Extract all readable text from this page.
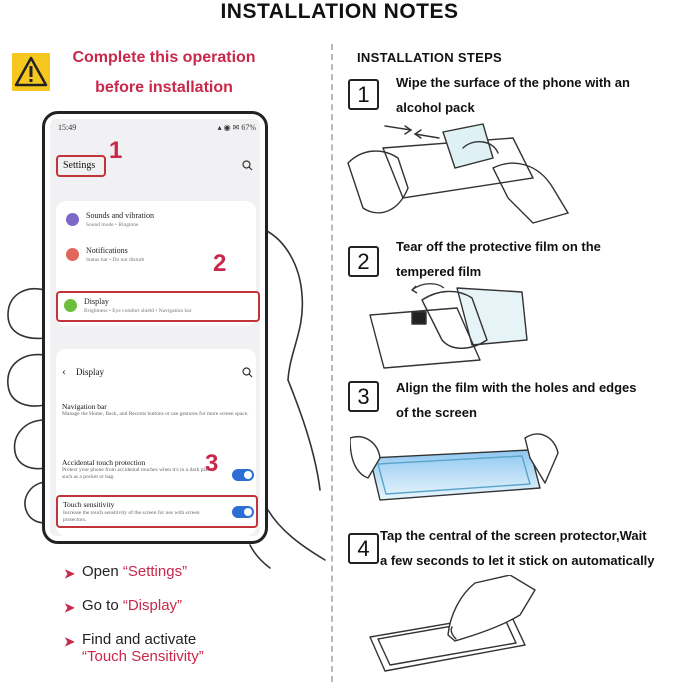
INSTALLATION NOTES
Complete this operation
before installation
15:49	▴ ◉ ✉ 67%
Settings
Sounds and vibration
Sound mode • Ringtone
Notifications
Status bar • Do not disturb
Display
Brightness • Eye comfort shield • Navigation bar
‹ Display
Navigation bar
Manage the Home, Back, and Recents buttons or use gestures for more screen space.
Accidental touch protection
Protect your phone from accidental touches when it's in a dark place, such as a pocket or bag.
Touch sensitivity
Increase the touch sensitivity of the screen for use with screen protectors.
1
2
3
➤ Open “Settings”
➤ Go to “Display”
➤ Find and activate
“Touch Sensitivity”
INSTALLATION STEPS
1	Wipe the surface of the phone with an
alcohol pack
2
Tear off the protective film on the
tempered film
3	Align the film with the holes and edges
of the screen
4
Tap the central of the screen protector,Wait
a few seconds to let it stick on automatically
